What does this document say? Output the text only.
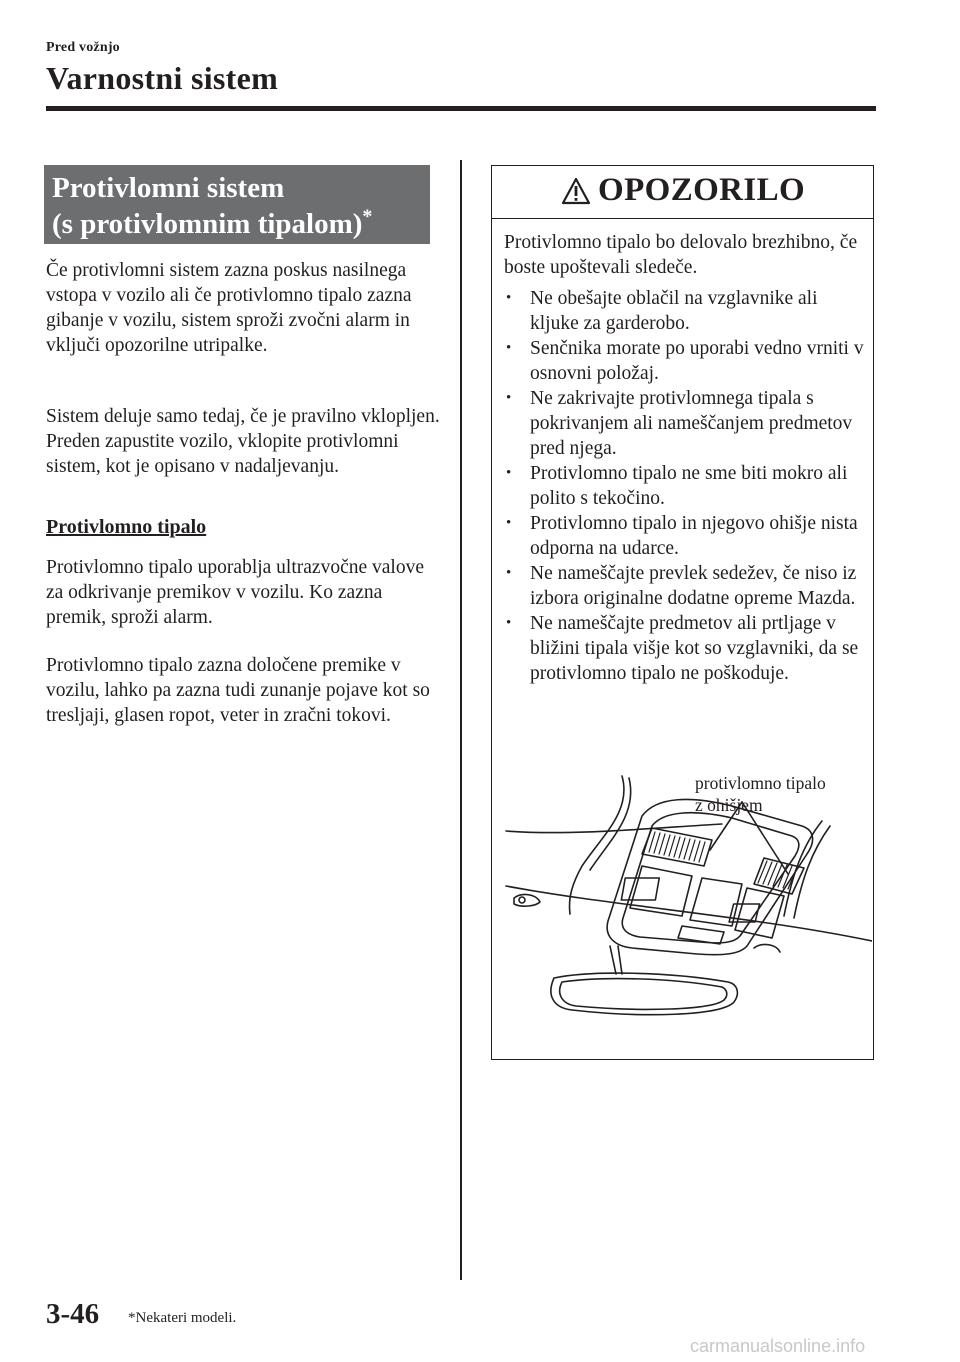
Pred vožnjo
Varnostni sistem
Protivlomni sistem
(s protivlomnim tipalom)*

Če protivlomni sistem zazna poskus nasilnega vstopa v vozilo ali če protivlomno tipalo zazna gibanje v vozilu, sistem sproži zvočni alarm in vključi opozorilne utripalke.

Sistem deluje samo tedaj, če je pravilno vklopljen. Preden zapustite vozilo, vklopite protivlomni sistem, kot je opisano v nadaljevanju.

Protivlomno tipalo

Protivlomno tipalo uporablja ultrazvočne valove za odkrivanje premikov v vozilu. Ko zazna premik, sproži alarm.

Protivlomno tipalo zazna določene premike v vozilu, lahko pa zazna tudi zunanje pojave kot so tresljaji, glasen ropot, veter in zračni tokovi.

OPOZORILO

Protivlomno tipalo bo delovalo brezhibno, če boste upoštevali sledeče.

• Ne obešajte oblačil na vzglavnike ali kljuke za garderobo.
• Senčnika morate po uporabi vedno vrniti v osnovni položaj.
• Ne zakrivajte protivlomnega tipala s pokrivanjem ali nameščanjem predmetov pred njega.
• Protivlomno tipalo ne sme biti mokro ali polito s tekočino.
• Protivlomno tipalo in njegovo ohišje nista odporna na udarce.
• Ne nameščajte prevlek sedežev, če niso iz izbora originalne dodatne opreme Mazda.
• Ne nameščajte predmetov ali prtljage v bližini tipala višje kot so vzglavniki, da se protivlomno tipalo ne poškoduje.
protivlomno tipalo
z ohišjem
3-46 *Nekateri modeli.
carmanualsonline.info
